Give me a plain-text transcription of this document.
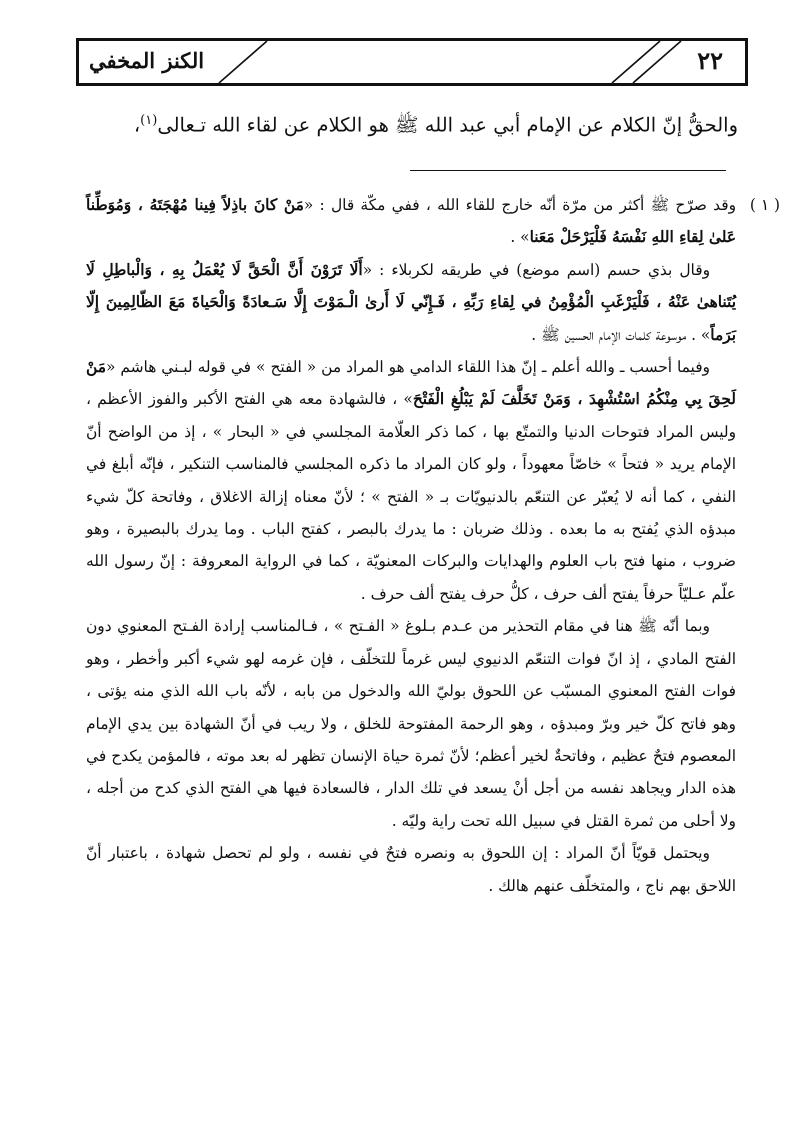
الكنز المخفي	٢٢
والحقُّ إنّ الكلام عن الإمام أبي عبد الله ﷺ هو الكلام عن لقاء الله تـعالى$^{(١)}$،
( ١ )

وقد صرّح ﷺ أكثر من مرّة أنّه خارج للقاء الله ، ففي مكّة قال : «مَنْ كانَ باذِلاً فِينا مُهْجَتَهُ ، وَمُوَطِّناً عَلىٰ لِقاءِ اللهِ نَفْسَهُ فَلْيَرْحَلْ مَعَنا» .

وقال بذي حسم (اسم موضع) في طريقه لكربلاء : «أَلَا تَرَوْنَ أَنَّ الْحَقَّ لَا يُعْمَلُ بِهِ ، وَالْباطِلِ لَا يُتَناهىٰ عَنْهُ ، فَلْيَرْغَبِ الْمُؤْمِنُ في لِقاءِ رَبِّهِ ، فَـإِنّي لَا أَرىٰ الْـمَوْتَ إِلَّا سَـعادَةً وَالْحَياةَ مَعَ الظّالِمِينَ إِلّا بَرَماً» . موسوعة كلمات الإمام الحسين ﷺ .

وفيما أحسب ـ والله أعلم ـ إنّ هذا اللقاء الدامي هو المراد من « الفتح » في قوله لبـني هاشم «مَنْ لَحِقَ بِي مِنْكُمُ اسْتُشْهِدَ ، وَمَنْ تَخَلَّفَ لَمْ يَبْلُغِ الْفَتْحَ» ، فالشهادة معه هي الفتح الأكبر والفوز الأعظم ، وليس المراد فتوحات الدنيا والتمتّع بها ، كما ذكر العلّامة المجلسي في « البحار » ، إذ من الواضح أنّ الإمام يريد « فتحاً » خاصّاً معهوداً ، ولو كان المراد ما ذكره المجلسي فالمناسب التنكير ، فإنّه أبلغ في النفي ، كما أنه لا يُعبّر عن التنعّم بالدنيويّات بـ « الفتح » ؛ لأنّ معناه إزالة الاغلاق ، وفاتحة كلّ شيء مبدؤه الذي يُفتح به ما بعده . وذلك ضربان : ما يدرك بالبصر ، كفتح الباب . وما يدرك بالبصيرة ، وهو ضروب ، منها فتح باب العلوم والهدايات والبركات المعنويّة ، كما في الرواية المعروفة : إنّ رسول الله علّم عـليّاً حرفاً يفتح ألف حرف ، كلُّ حرف يفتح ألف حرف .

وبما أنّه ﷺ هنا في مقام التحذير من عـدم بـلوغ « الفـتح » ، فـالمناسب إرادة الفـتح المعنوي دون الفتح المادي ، إذ انّ فوات التنعّم الدنيوي ليس غرماً للتخلّف ، فإن غرمه لهو شيء أكبر وأخطر ، وهو فوات الفتح المعنوي المسبّب عن اللحوق بوليّ الله والدخول من بابه ، لأنّه باب الله الذي منه يؤتى ، وهو فاتح كلّ خير وبرّ ومبدؤه ، وهو الرحمة المفتوحة للخلق ، ولا ريب في أنّ الشهادة بين يدي الإمام المعصوم فتحٌ عظيم ، وفاتحةٌ لخير أعظم؛ لأنّ ثمرة حياة الإنسان تظهر له بعد موته ، فالمؤمن يكدح في هذه الدار ويجاهد نفسه من أجل أنْ يسعد في تلك الدار ، فالسعادة فيها هي الفتح الذي كدح من أجله ، ولا أحلى من ثمرة القتل في سبيل الله تحت راية وليّه .

ويحتمل قويّاً أنّ المراد : إن اللحوق به ونصره فتحٌ في نفسه ، ولو لم تحصل شهادة ، باعتبار أنّ اللاحق بهم ناج ، والمتخلّف عنهم هالك .
